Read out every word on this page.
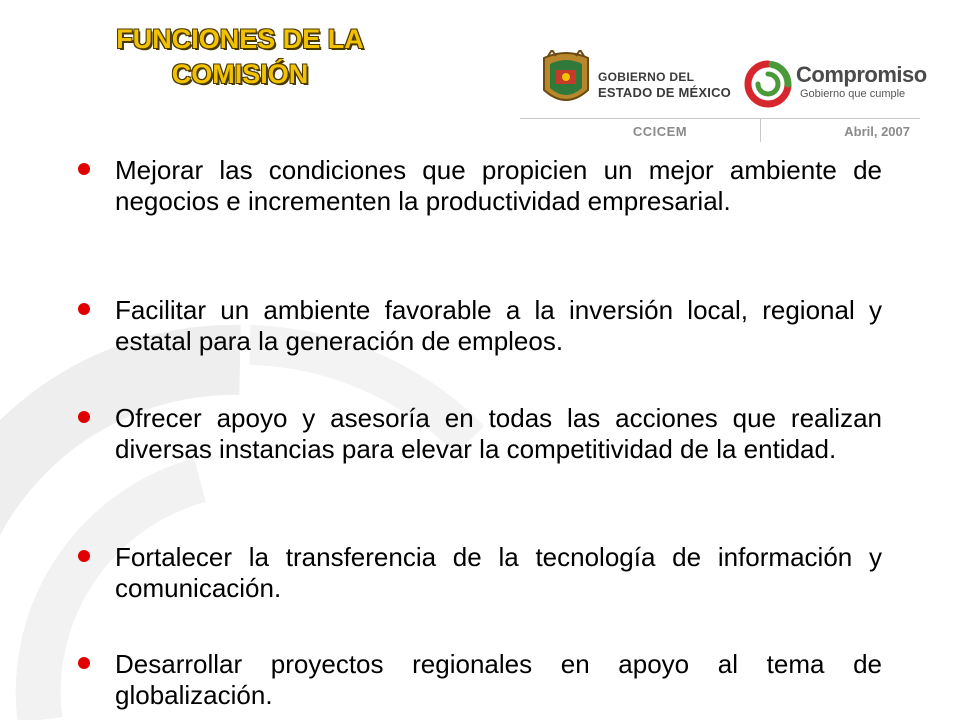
FUNCIONES DE LA
COMISIÓN	GOBIERNO DEL
ESTADO DE MÉXICO
Compromiso
Gobierno que cumple
CCICEM	Abril, 2007

Mejorar las condiciones que propicien un mejor ambiente de negocios e incrementen la productividad empresarial.

Facilitar un ambiente favorable a la inversión local, regional y estatal para la generación de empleos.

Ofrecer apoyo y asesoría en todas las acciones que realizan diversas instancias para elevar la competitividad de la entidad.

Fortalecer la transferencia de la tecnología de información y comunicación.

Desarrollar proyectos regionales en apoyo al tema de globalización.
